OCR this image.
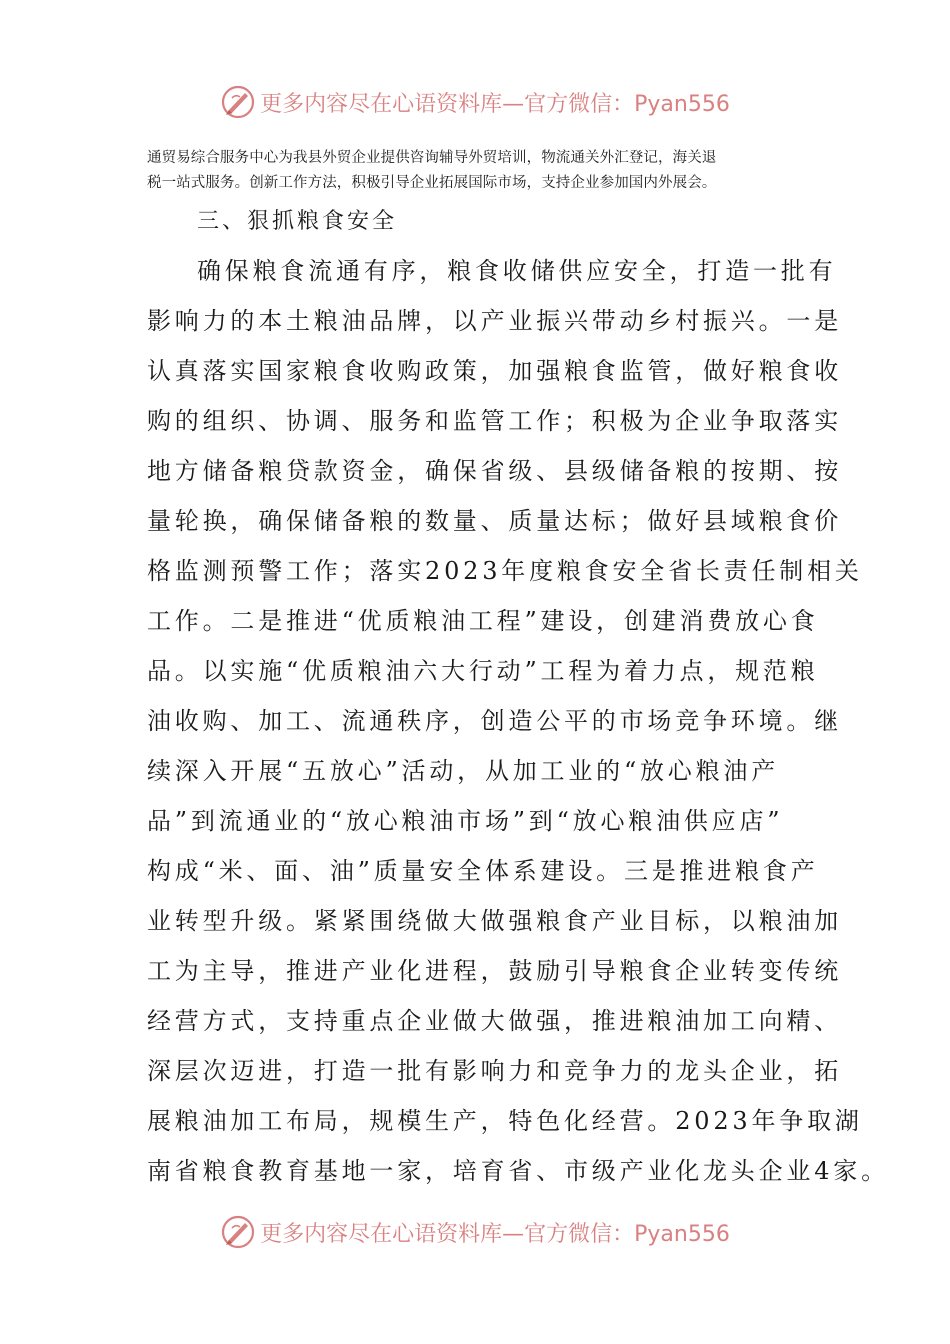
更多内容尽在心语资料库—官方微信：Pyan556
通贸易综合服务中心为我县外贸企业提供咨询辅导外贸培训，物流通关外汇登记，海关退
税一站式服务。创新工作方法，积极引导企业拓展国际市场，支持企业参加国内外展会。
三、狠抓粮食安全
确保粮食流通有序，粮食收储供应安全，打造一批有
影响力的本土粮油品牌，以产业振兴带动乡村振兴。一是
认真落实国家粮食收购政策，加强粮食监管，做好粮食收
购的组织、协调、服务和监管工作；积极为企业争取落实
地方储备粮贷款资金，确保省级、县级储备粮的按期、按
量轮换，确保储备粮的数量、质量达标；做好县域粮食价
格监测预警工作；落实2023年度粮食安全省长责任制相关
工作。二是推进“优质粮油工程”建设，创建消费放心食
品。以实施“优质粮油六大行动”工程为着力点，规范粮
油收购、加工、流通秩序，创造公平的市场竞争环境。继
续深入开展“五放心”活动，从加工业的“放心粮油产
品”到流通业的“放心粮油市场”到“放心粮油供应店”
构成“米、面、油”质量安全体系建设。三是推进粮食产
业转型升级。紧紧围绕做大做强粮食产业目标，以粮油加
工为主导，推进产业化进程，鼓励引导粮食企业转变传统
经营方式，支持重点企业做大做强，推进粮油加工向精、
深层次迈进，打造一批有影响力和竞争力的龙头企业，拓
展粮油加工布局，规模生产，特色化经营。2023年争取湖
南省粮食教育基地一家，培育省、市级产业化龙头企业4家。
更多内容尽在心语资料库—官方微信：Pyan556
